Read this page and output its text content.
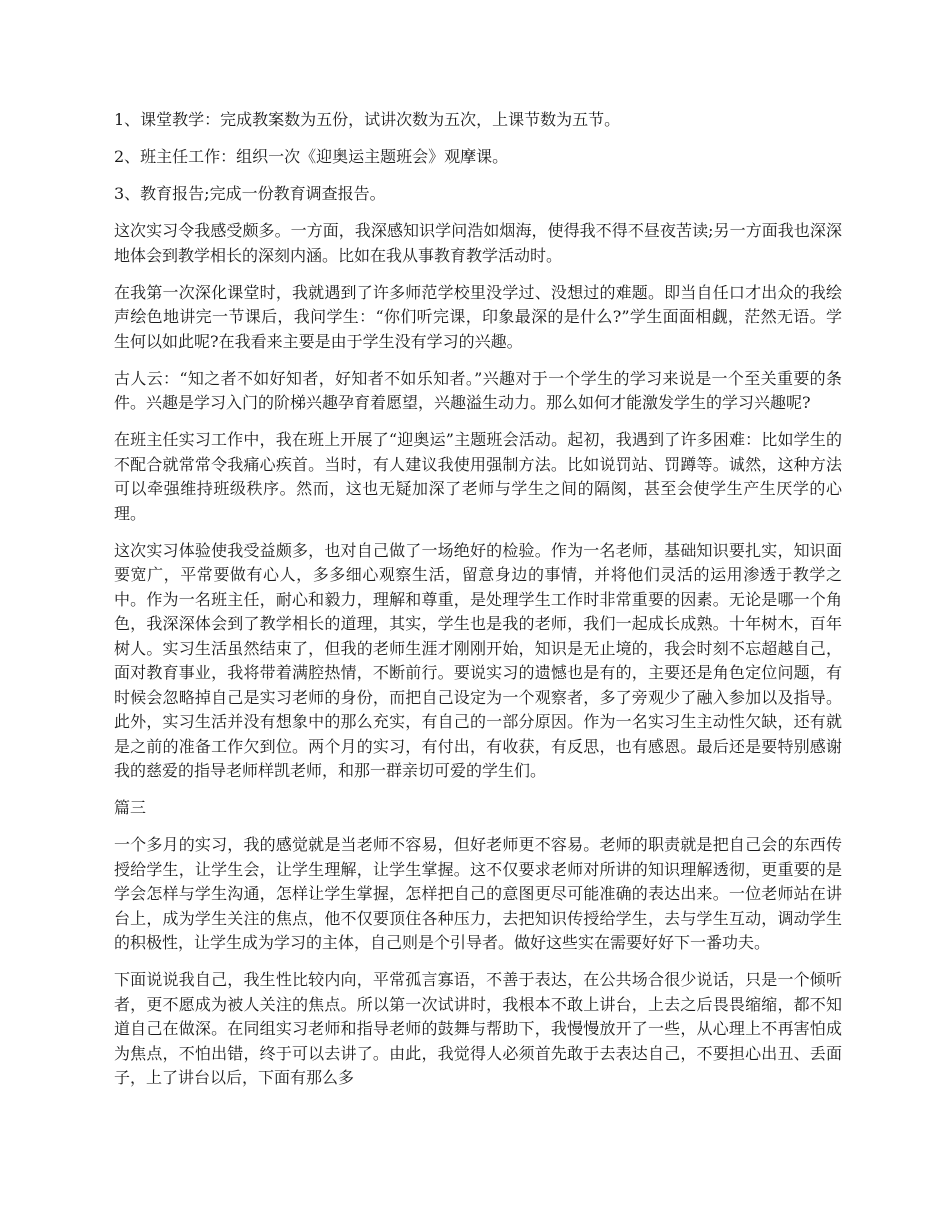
1、课堂教学：完成教案数为五份，试讲次数为五次，上课节数为五节。

2、班主任工作：组织一次《迎奥运主题班会》观摩课。

3、教育报告;完成一份教育调查报告。

这次实习令我感受颇多。一方面，我深感知识学问浩如烟海，使得我不得不昼夜苦读;另一方面我也深深地体会到教学相长的深刻内涵。比如在我从事教育教学活动时。

在我第一次深化课堂时，我就遇到了许多师范学校里没学过、没想过的难题。即当自任口才出众的我绘声绘色地讲完一节课后，我问学生：“你们听完课，印象最深的是什么?”学生面面相觑，茫然无语。学生何以如此呢?在我看来主要是由于学生没有学习的兴趣。

古人云：“知之者不如好知者，好知者不如乐知者。”兴趣对于一个学生的学习来说是一个至关重要的条件。兴趣是学习入门的阶梯兴趣孕育着愿望，兴趣溢生动力。那么如何才能激发学生的学习兴趣呢?

在班主任实习工作中，我在班上开展了“迎奥运”主题班会活动。起初，我遇到了许多困难：比如学生的不配合就常常令我痛心疾首。当时，有人建议我使用强制方法。比如说罚站、罚蹲等。诚然，这种方法可以牵强维持班级秩序。然而，这也无疑加深了老师与学生之间的隔阂，甚至会使学生产生厌学的心理。

这次实习体验使我受益颇多，也对自己做了一场绝好的检验。作为一名老师，基础知识要扎实，知识面要宽广，平常要做有心人，多多细心观察生活，留意身边的事情，并将他们灵活的运用渗透于教学之中。作为一名班主任，耐心和毅力，理解和尊重，是处理学生工作时非常重要的因素。无论是哪一个角色，我深深体会到了教学相长的道理，其实，学生也是我的老师，我们一起成长成熟。十年树木，百年树人。实习生活虽然结束了，但我的老师生涯才刚刚开始，知识是无止境的，我会时刻不忘超越自己，面对教育事业，我将带着满腔热情，不断前行。要说实习的遗憾也是有的，主要还是角色定位问题，有时候会忽略掉自己是实习老师的身份，而把自己设定为一个观察者，多了旁观少了融入参加以及指导。此外，实习生活并没有想象中的那么充实，有自己的一部分原因。作为一名实习生主动性欠缺，还有就是之前的准备工作欠到位。两个月的实习，有付出，有收获，有反思，也有感恩。最后还是要特别感谢我的慈爱的指导老师样凯老师，和那一群亲切可爱的学生们。

篇三

一个多月的实习，我的感觉就是当老师不容易，但好老师更不容易。老师的职责就是把自己会的东西传授给学生，让学生会，让学生理解，让学生掌握。这不仅要求老师对所讲的知识理解透彻，更重要的是学会怎样与学生沟通，怎样让学生掌握，怎样把自己的意图更尽可能准确的表达出来。一位老师站在讲台上，成为学生关注的焦点，他不仅要顶住各种压力，去把知识传授给学生，去与学生互动，调动学生的积极性，让学生成为学习的主体，自己则是个引导者。做好这些实在需要好好下一番功夫。

下面说说我自己，我生性比较内向，平常孤言寡语，不善于表达，在公共场合很少说话，只是一个倾听者，更不愿成为被人关注的焦点。所以第一次试讲时，我根本不敢上讲台，上去之后畏畏缩缩，都不知道自己在做深。在同组实习老师和指导老师的鼓舞与帮助下，我慢慢放开了一些，从心理上不再害怕成为焦点，不怕出错，终于可以去讲了。由此，我觉得人必须首先敢于去表达自己，不要担心出丑、丢面子，上了讲台以后，下面有那么多
